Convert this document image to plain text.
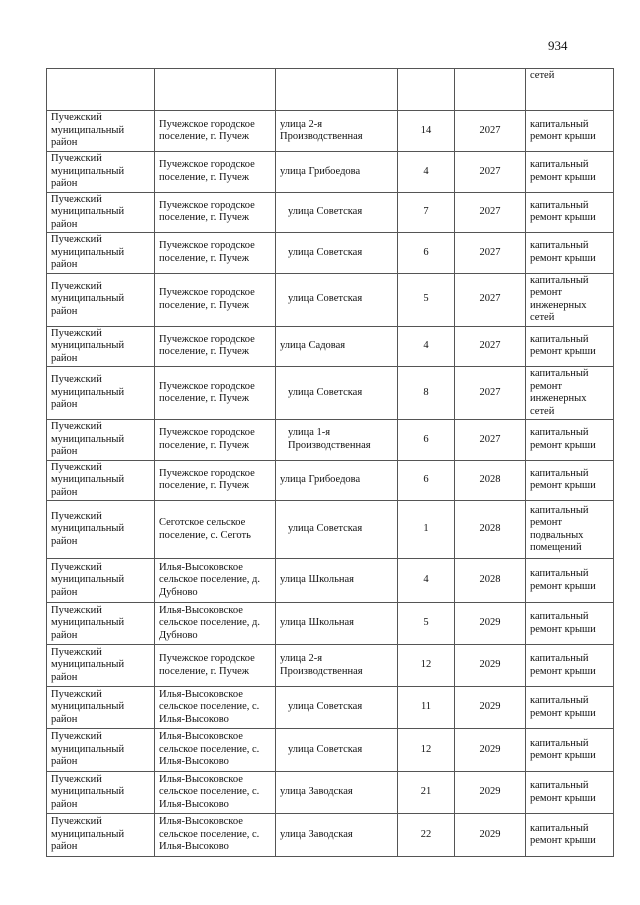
934
					сетей
Пучежский муниципальный район	Пучежское городское поселение, г. Пучеж	улица 2-я Производственная	14	2027	капитальный ремонт крыши
Пучежский муниципальный район	Пучежское городское поселение, г. Пучеж	улица Грибоедова	4	2027	капитальный ремонт крыши
Пучежский муниципальный район	Пучежское городское поселение, г. Пучеж	улица Советская	7	2027	капитальный ремонт крыши
Пучежский муниципальный район	Пучежское городское поселение, г. Пучеж	улица Советская	6	2027	капитальный ремонт крыши
Пучежский муниципальный район	Пучежское городское поселение, г. Пучеж	улица Советская	5	2027	капитальный ремонт инженерных сетей
Пучежский муниципальный район	Пучежское городское поселение, г. Пучеж	улица Садовая	4	2027	капитальный ремонт крыши
Пучежский муниципальный район	Пучежское городское поселение, г. Пучеж	улица Советская	8	2027	капитальный ремонт инженерных сетей
Пучежский муниципальный район	Пучежское городское поселение, г. Пучеж	улица 1-я Производственная	6	2027	капитальный ремонт крыши
Пучежский муниципальный район	Пучежское городское поселение, г. Пучеж	улица Грибоедова	6	2028	капитальный ремонт крыши
Пучежский муниципальный район	Сеготское сельское поселение, с. Сеготь	улица Советская	1	2028	капитальный ремонт подвальных помещений
Пучежский муниципальный район	Илья-Высоковское сельское поселение, д. Дубново	улица Школьная	4	2028	капитальный ремонт крыши
Пучежский муниципальный район	Илья-Высоковское сельское поселение, д. Дубново	улица Школьная	5	2029	капитальный ремонт крыши
Пучежский муниципальный район	Пучежское городское поселение, г. Пучеж	улица 2-я Производственная	12	2029	капитальный ремонт крыши
Пучежский муниципальный район	Илья-Высоковское сельское поселение, с. Илья-Высоково	улица Советская	11	2029	капитальный ремонт крыши
Пучежский муниципальный район	Илья-Высоковское сельское поселение, с. Илья-Высоково	улица Советская	12	2029	капитальный ремонт крыши
Пучежский муниципальный район	Илья-Высоковское сельское поселение, с. Илья-Высоково	улица Заводская	21	2029	капитальный ремонт крыши
Пучежский муниципальный район	Илья-Высоковское сельское поселение, с. Илья-Высоково	улица Заводская	22	2029	капитальный ремонт крыши
